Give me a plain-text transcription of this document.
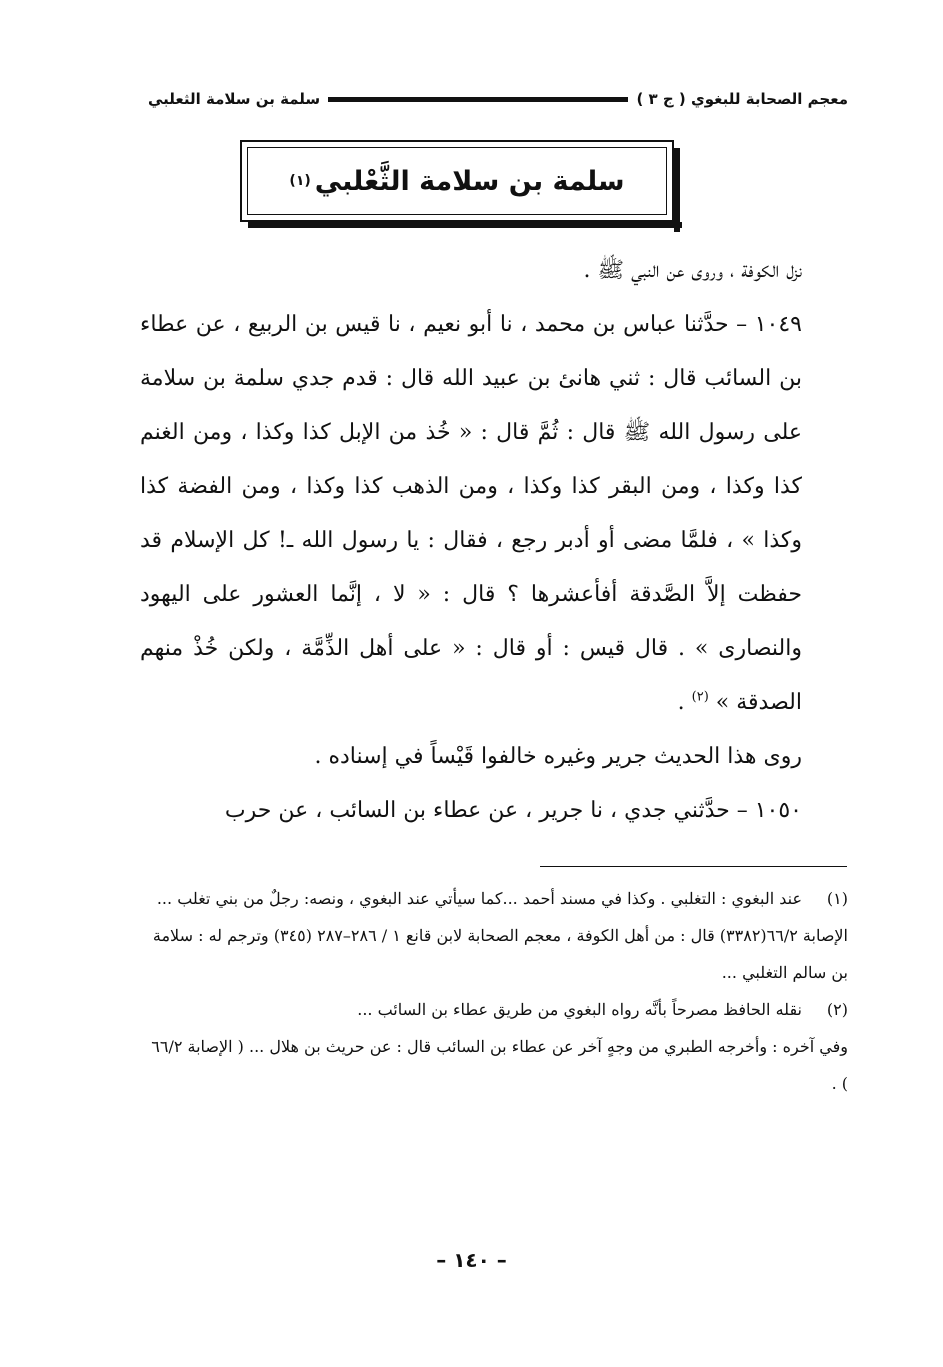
معجم الصحابة للبغوي ( ج ٣ )
سلمة بن سلامة الثعلبي
سلمة بن سلامة الثَّعْلبي
(١)

نزل الكوفة ، وروى عن النبي ﷺ .

١٠٤٩ – حدَّثنا عباس بن محمد ، نا أبو نعيم ، نا قيس بن الربيع ، عن عطاء بن السائب قال : ثني هانئ بن عبيد الله قال : قدم جدي سلمة بن سلامة على رسول الله ﷺ قال : ثُمَّ قال : « خُذ من الإبل كذا وكذا ، ومن الغنم كذا وكذا ، ومن البقر كذا وكذا ، ومن الذهب كذا وكذا ، ومن الفضة كذا وكذا » ، فلمَّا مضى أو أدبر رجع ، فقال : يا رسول الله ـ! كل الإسلام قد حفظت إلاَّ الصَّدقة أفأعشرها ؟ قال : « لا ، إنَّما العشور على اليهود والنصارى » . قال قيس : أو قال : « على أهل الذِّمَّة ، ولكن خُذْ منهم الصدقة » $^{(٢)}$ .

روى هذا الحديث جرير وغيره خالفوا قَيْساً في إسناده .

١٠٥٠ – حدَّثني جدي ، نا جرير ، عن عطاء بن السائب ، عن حرب

(١)
عند البغوي : التغلبي . وكذا في مسند أحمد ...كما سيأتي عند البغوي ، ونصه: رجلٌ من بني تغلب ...

الإصابة ٦٦/٢(٣٣٨٢) قال : من أهل الكوفة ، معجم الصحابة لابن قانع ١ / ٢٨٦–٢٨٧ (٣٤٥) وترجم له : سلامة بن سالم التغلبي ...

(٢)
نقله الحافظ مصرحاً بأنَّه رواه البغوي من طريق عطاء بن السائب ...

وفي آخره : وأخرجه الطبري من وجهٍ آخر عن عطاء بن السائب قال : عن حريث بن هلال ... ( الإصابة ٦٦/٢ ) .

– ١٤٠ –
